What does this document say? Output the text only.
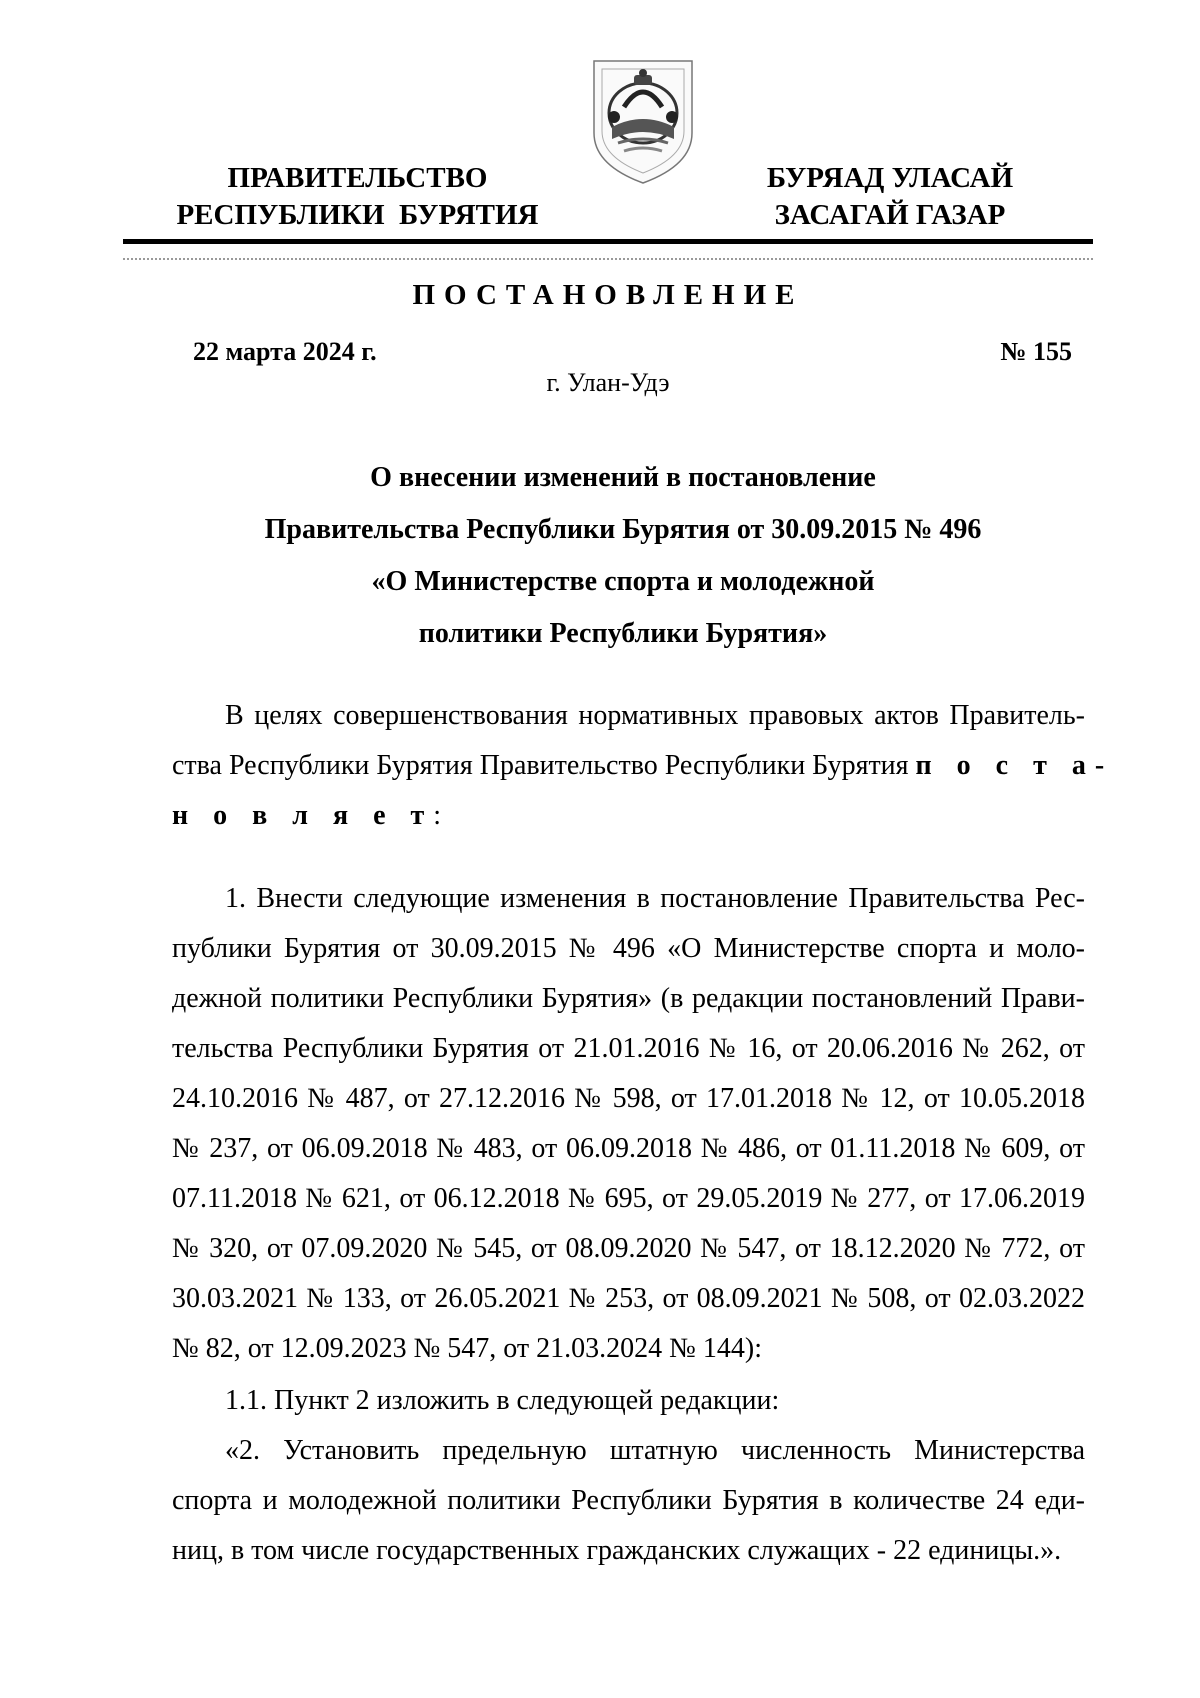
ПРАВИТЕЛЬСТВО
РЕСПУБЛИКИ  БУРЯТИЯ
БУРЯАД УЛАСАЙ
ЗАСАГАЙ ГАЗАР
ПОСТАНОВЛЕНИЕ
22 марта 2024 г.	№ 155
г. Улан-Удэ
О внесении изменений в постановление
Правительства Республики Бурятия от 30.09.2015 № 496
«О Министерстве спорта и молодежной
политики Республики Бурятия»
В целях совершенствования нормативных правовых актов Правитель-
ства Республики Бурятия Правительство Республики Бурятия п о с т а-
н о в л я е т:
1. Внести следующие изменения в постановление Правительства Рес-
публики Бурятия от 30.09.2015 № 496 «О Министерстве спорта и моло-
дежной политики Республики Бурятия» (в редакции постановлений Прави-
тельства Республики Бурятия от 21.01.2016 № 16, от 20.06.2016 № 262, от
24.10.2016 № 487, от 27.12.2016 № 598, от 17.01.2018 № 12, от 10.05.2018
№ 237, от 06.09.2018 № 483, от 06.09.2018 № 486, от 01.11.2018 № 609, от
07.11.2018 № 621, от 06.12.2018 № 695, от 29.05.2019 № 277, от 17.06.2019
№ 320, от 07.09.2020 № 545, от 08.09.2020 № 547, от 18.12.2020 № 772, от
30.03.2021 № 133, от 26.05.2021 № 253, от 08.09.2021 № 508, от 02.03.2022
№ 82, от 12.09.2023 № 547, от 21.03.2024 № 144):
1.1. Пункт 2 изложить в следующей редакции:
«2. Установить предельную штатную численность Министерства
спорта и молодежной политики Республики Бурятия в количестве 24 еди-
ниц, в том числе государственных гражданских служащих - 22 единицы.».
